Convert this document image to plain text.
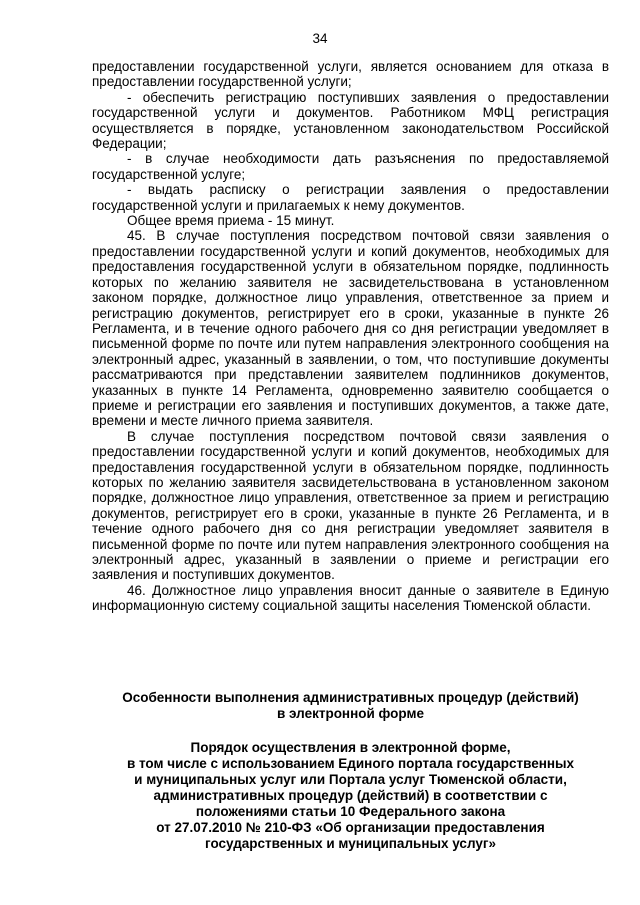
34

предоставлении государственной услуги, является основанием для отказа в предоставлении государственной услуги;

- обеспечить регистрацию поступивших заявления о предоставлении государственной услуги и документов. Работником МФЦ регистрация осуществляется в порядке, установленном законодательством Российской Федерации;

- в случае необходимости дать разъяснения по предоставляемой государственной услуге;

- выдать расписку о регистрации заявления о предоставлении государственной услуги и прилагаемых к нему документов.

Общее время приема - 15 минут.

45. В случае поступления посредством почтовой связи заявления о предоставлении государственной услуги и копий документов, необходимых для предоставления государственной услуги в обязательном порядке, подлинность которых по желанию заявителя не засвидетельствована в установленном законом порядке, должностное лицо управления, ответственное за прием и регистрацию документов, регистрирует его в сроки, указанные в пункте 26 Регламента, и в течение одного рабочего дня со дня регистрации уведомляет в письменной форме по почте или путем направления электронного сообщения на электронный адрес, указанный в заявлении, о том, что поступившие документы рассматриваются при представлении заявителем подлинников документов, указанных в пункте 14 Регламента, одновременно заявителю сообщается о приеме и регистрации его заявления и поступивших документов, а также дате, времени и месте личного приема заявителя.

В случае поступления посредством почтовой связи заявления о предоставлении государственной услуги и копий документов, необходимых для предоставления государственной услуги в обязательном порядке, подлинность которых по желанию заявителя засвидетельствована в установленном законом порядке, должностное лицо управления, ответственное за прием и регистрацию документов, регистрирует его в сроки, указанные в пункте 26 Регламента, и в течение одного рабочего дня со дня регистрации уведомляет заявителя в письменной форме по почте или путем направления электронного сообщения на электронный адрес, указанный в заявлении о приеме и регистрации его заявления и поступивших документов.

46. Должностное лицо управления вносит данные о заявителе в Единую информационную систему социальной защиты населения Тюменской области.

Особенности выполнения административных процедур (действий)

в электронной форме

Порядок осуществления в электронной форме,

в том числе с использованием Единого портала государственных

и муниципальных услуг или Портала услуг Тюменской области,

административных процедур (действий) в соответствии с

положениями статьи 10 Федерального закона

от 27.07.2010 № 210-ФЗ «Об организации предоставления

государственных и муниципальных услуг»
